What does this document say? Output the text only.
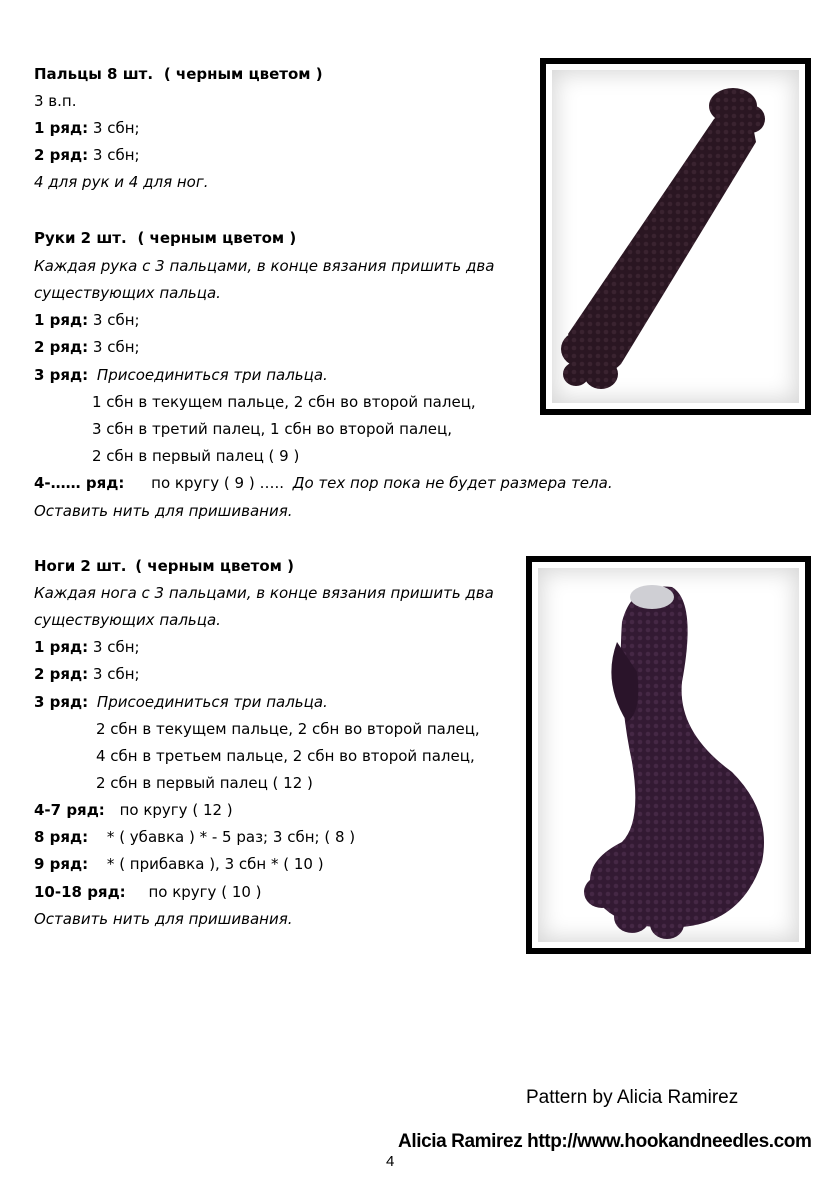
Пальцы 8 шт. ( черным цветом )
3 в.п.
1 ряд: 3 сбн;
2 ряд: 3 сбн;
4 для рук и 4 для ног.
Руки 2 шт. ( черным цветом )
Каждая рука с 3 пальцами, в конце вязания пришить два
существующих пальца.
1 ряд: 3 сбн;
2 ряд: 3 сбн;
3 ряд: Присоединиться три пальца.
1 сбн в текущем пальце, 2 сбн во второй палец,
3 сбн в третий палец, 1 сбн во второй палец,
2 сбн в первый палец ( 9 )
4-…… ряд: по кругу ( 9 ) ….. До тех пор пока не будет размера тела.
Оставить нить для пришивания.
Ноги 2 шт. ( черным цветом )
Каждая нога с 3 пальцами, в конце вязания пришить два
существующих пальца.
1 ряд: 3 сбн;
2 ряд: 3 сбн;
3 ряд: Присоединиться три пальца.
2 сбн в текущем пальце, 2 сбн во второй палец,
4 сбн в третьем пальце, 2 сбн во второй палец,
2 сбн в первый палец ( 12 )
4-7 ряд: по кругу ( 12 )
8 ряд: * ( убавка ) * - 5 раз; 3 сбн; ( 8 )
9 ряд: * ( прибавка ), 3 сбн * ( 10 )
10-18 ряд: по кругу ( 10 )
Оставить нить для пришивания.
Pattern by Alicia Ramirez
Alicia Ramirez http://www.hookandneedles.com
4
